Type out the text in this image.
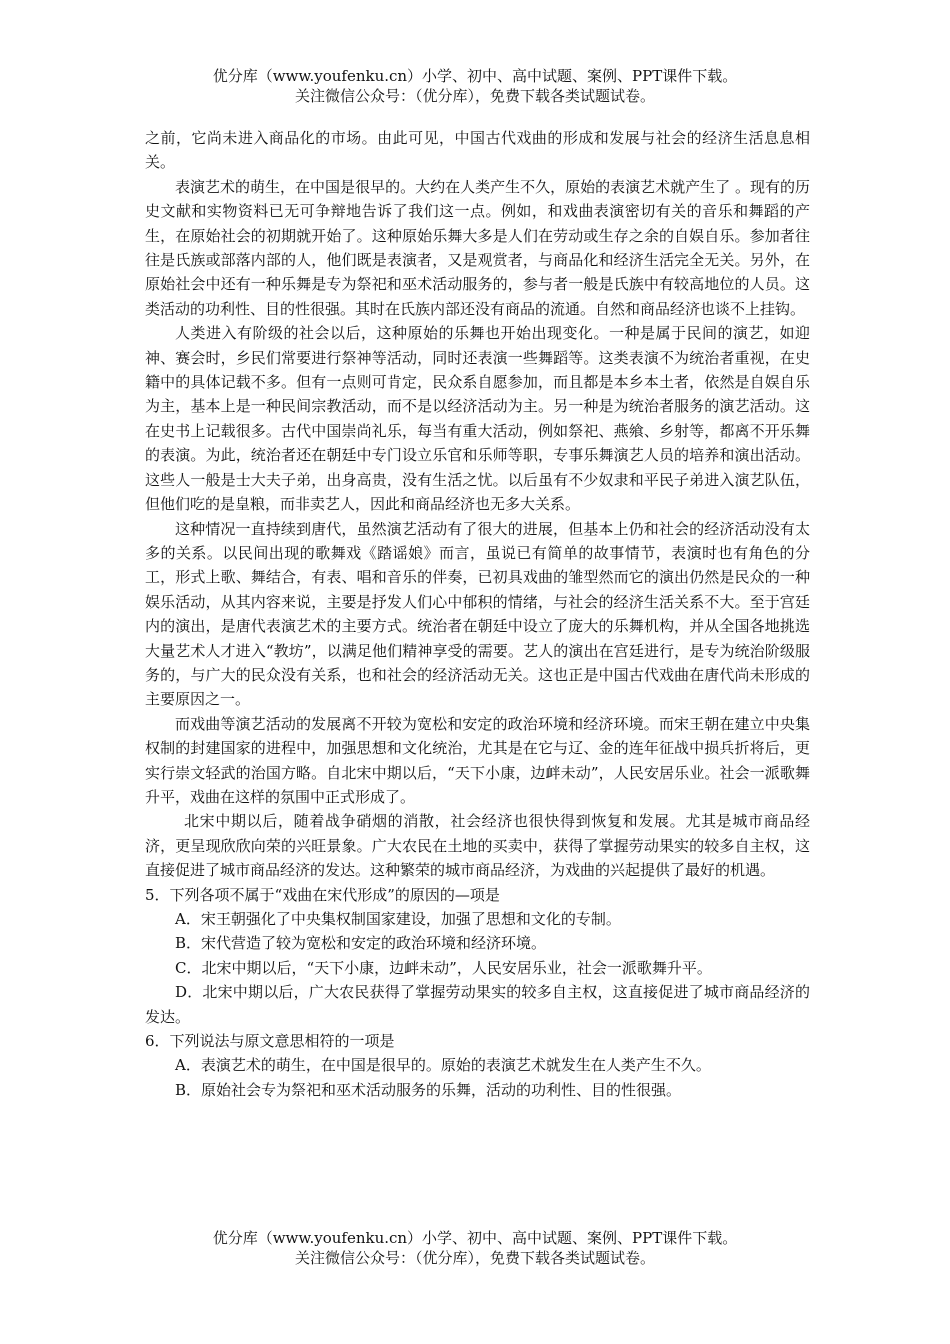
优分库（www.youfenku.cn）小学、初中、高中试题、案例、PPT课件下载。
关注微信公众号：（优分库），免费下载各类试题试卷。

之前，它尚未进入商品化的市场。由此可见，中国古代戏曲的形成和发展与社会的经济生活息息相关。

表演艺术的萌生，在中国是很早的。大约在人类产生不久，原始的表演艺术就产生了 。现有的历史文献和实物资料已无可争辩地告诉了我们这一点。例如，和戏曲表演密切有关的音乐和舞蹈的产生，在原始社会的初期就开始了。这种原始乐舞大多是人们在劳动或生存之余的自娱自乐。参加者往往是氏族或部落内部的人，他们既是表演者，又是观赏者，与商品化和经济生活完全无关。另外，在原始社会中还有一种乐舞是专为祭祀和巫术活动服务的，参与者一般是氏族中有较高地位的人员。这类活动的功利性、目的性很强。其时在氏族内部还没有商品的流通。自然和商品经济也谈不上挂钩。

人类进入有阶级的社会以后，这种原始的乐舞也开始出现变化。一种是属于民间的演艺，如迎神、赛会时，乡民们常要进行祭神等活动，同时还表演一些舞蹈等。这类表演不为统治者重视，在史籍中的具体记载不多。但有一点则可肯定，民众系自愿参加，而且都是本乡本土者，依然是自娱自乐为主，基本上是一种民间宗教活动，而不是以经济活动为主。另一种是为统治者服务的演艺活动。这在史书上记载很多。古代中国崇尚礼乐，每当有重大活动，例如祭祀、燕飨、乡射等，都离不开乐舞的表演。为此，统治者还在朝廷中专门设立乐官和乐师等职，专事乐舞演艺人员的培养和演出活动。这些人一般是士大夫子弟，出身高贵，没有生活之忧。以后虽有不少奴隶和平民子弟进入演艺队伍，但他们吃的是皇粮，而非卖艺人，因此和商品经济也无多大关系。

这种情况一直持续到唐代，虽然演艺活动有了很大的进展，但基本上仍和社会的经济活动没有太多的关系。以民间出现的歌舞戏《踏谣娘》而言，虽说已有简单的故事情节，表演时也有角色的分工，形式上歌、舞结合，有表、唱和音乐的伴奏，已初具戏曲的雏型然而它的演出仍然是民众的一种娱乐活动，从其内容来说，主要是抒发人们心中郁积的情绪，与社会的经济生活关系不大。至于宫廷内的演出，是唐代表演艺术的主要方式。统治者在朝廷中设立了庞大的乐舞机构，并从全国各地挑选大量艺术人才进入“教坊”，以满足他们精神享受的需要。艺人的演出在宫廷进行，是专为统治阶级服务的，与广大的民众没有关系，也和社会的经济活动无关。这也正是中国古代戏曲在唐代尚未形成的主要原因之一。

而戏曲等演艺活动的发展离不开较为宽松和安定的政治环境和经济环境。而宋王朝在建立中央集权制的封建国家的进程中，加强思想和文化统治，尤其是在它与辽、金的连年征战中损兵折将后，更实行崇文轻武的治国方略。自北宋中期以后，“天下小康，边衅未动”，人民安居乐业。社会一派歌舞升平，戏曲在这样的氛围中正式形成了。

北宋中期以后，随着战争硝烟的消散，社会经济也很快得到恢复和发展。尤其是城市商品经济，更呈现欣欣向荣的兴旺景象。广大农民在土地的买卖中，获得了掌握劳动果实的较多自主权，这直接促进了城市商品经济的发达。这种繁荣的城市商品经济，为戏曲的兴起提供了最好的机遇。

5．下列各项不属于“戏曲在宋代形成”的原因的—项是

A．宋王朝强化了中央集权制国家建设，加强了思想和文化的专制。

B．宋代营造了较为宽松和安定的政治环境和经济环境。

C．北宋中期以后，“天下小康，边衅未动”，人民安居乐业，社会一派歌舞升平。

D．北宋中期以后，广大农民获得了掌握劳动果实的较多自主权，这直接促进了城市商品经济的发达。

6．下列说法与原文意思相符的一项是

A．表演艺术的萌生，在中国是很早的。原始的表演艺术就发生在人类产生不久。

B．原始社会专为祭祀和巫术活动服务的乐舞，活动的功利性、目的性很强。

优分库（www.youfenku.cn）小学、初中、高中试题、案例、PPT课件下载。
关注微信公众号：（优分库），免费下载各类试题试卷。
